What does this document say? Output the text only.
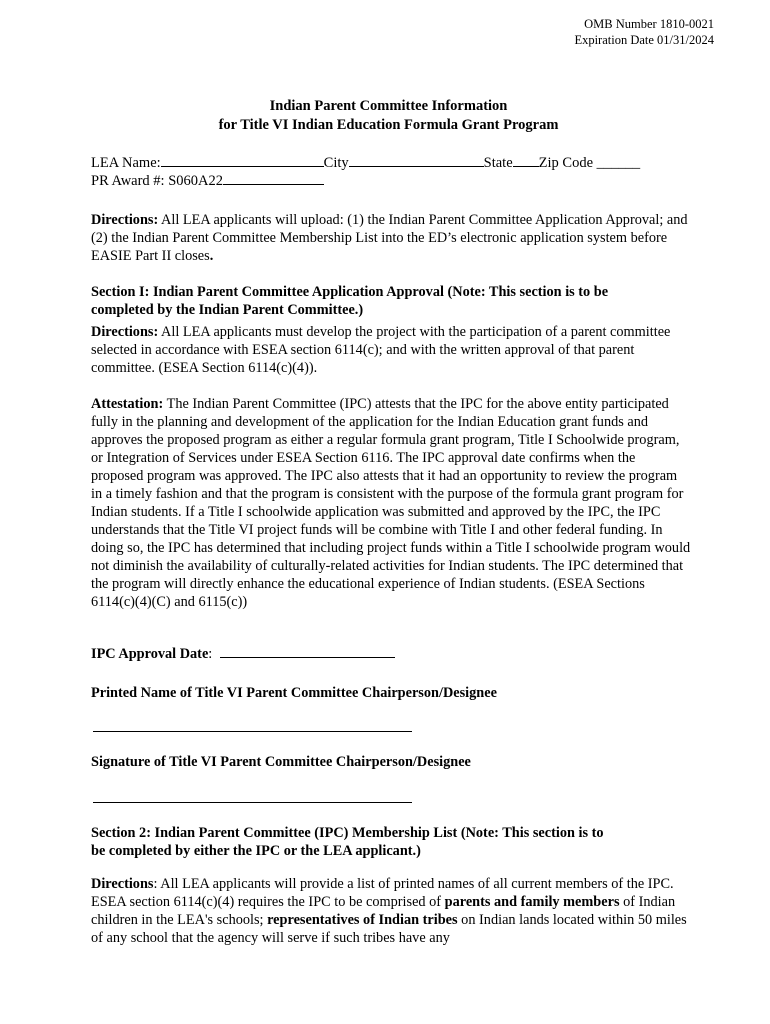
OMB Number 1810-0021
Expiration Date 01/31/2024
Indian Parent Committee Information
for Title VI Indian Education Formula Grant Program
LEA Name:	City	State Zip Code ______
PR Award #: S060A22
Directions: All LEA applicants will upload: (1) the Indian Parent Committee Application Approval; and (2) the Indian Parent Committee Membership List into the ED’s electronic application system before EASIE Part II closes.
Section I: Indian Parent Committee Application Approval (Note: This section is to be completed by the Indian Parent Committee.)
Directions: All LEA applicants must develop the project with the participation of a parent committee selected in accordance with ESEA section 6114(c); and with the written approval of that parent committee. (ESEA Section 6114(c)(4)).
Attestation: The Indian Parent Committee (IPC) attests that the IPC for the above entity participated fully in the planning and development of the application for the Indian Education grant funds and approves the proposed program as either a regular formula grant program, Title I Schoolwide program, or Integration of Services under ESEA Section 6116. The IPC approval date confirms when the proposed program was approved. The IPC also attests that it had an opportunity to review the program in a timely fashion and that the program is consistent with the purpose of the formula grant program for Indian students. If a Title I schoolwide application was submitted and approved by the IPC, the IPC understands that the Title VI project funds will be combine with Title I and other federal funding. In doing so, the IPC has determined that including project funds within a Title I schoolwide program would not diminish the availability of culturally-related activities for Indian students. The IPC determined that the program will directly enhance the educational experience of Indian students. (ESEA Sections 6114(c)(4)(C) and 6115(c))
IPC Approval Date:
Printed Name of Title VI Parent Committee Chairperson/Designee
Signature of Title VI Parent Committee Chairperson/Designee
Section 2: Indian Parent Committee (IPC) Membership List (Note: This section is to
be completed by either the IPC or the LEA applicant.)
Directions: All LEA applicants will provide a list of printed names of all current members of the IPC. ESEA section 6114(c)(4) requires the IPC to be comprised of parents and family members of Indian children in the LEA's schools; representatives of Indian tribes on Indian lands located within 50 miles of any school that the agency will serve if such tribes have any
